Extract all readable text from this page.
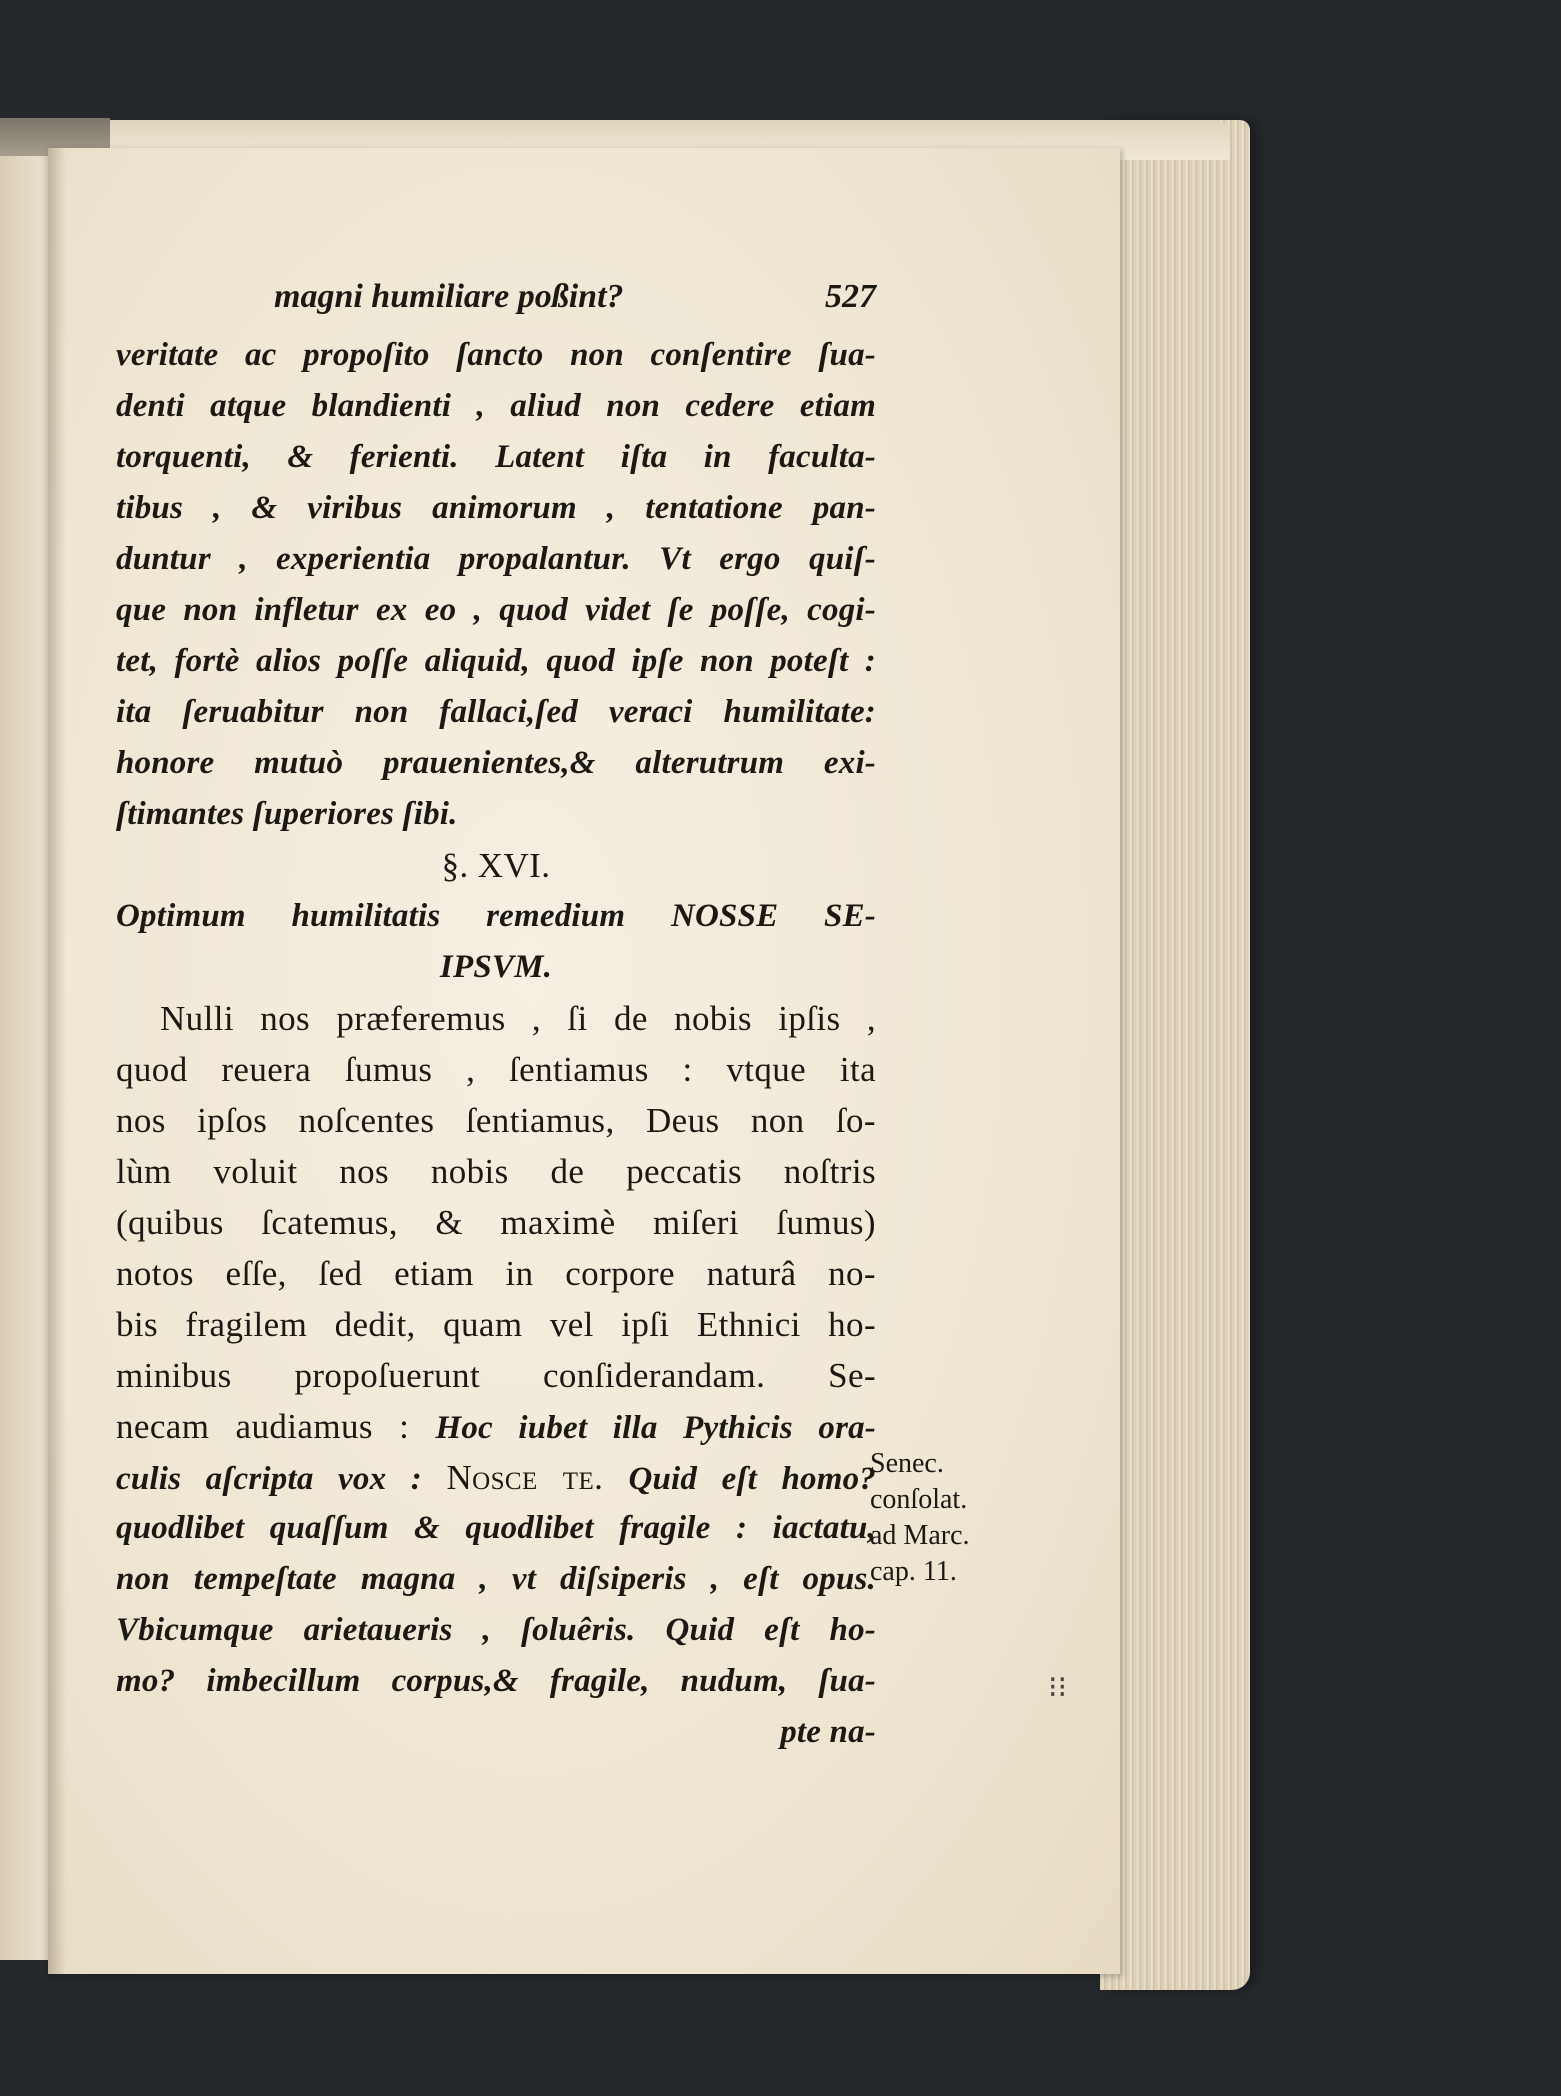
magni humiliare poßint?	527
veritate ac propoſito ſancto non conſentire ſua-
denti atque blandienti , aliud non cedere etiam
torquenti, & ferienti. Latent iſta in faculta-
tibus , & viribus animorum , tentatione pan-
duntur , experientia propalantur. Vt ergo quiſ-
que non infletur ex eo , quod videt ſe poſſe, cogi-
tet, fortè alios poſſe aliquid, quod ipſe non poteſt :
ita ſeruabitur non fallaci,ſed veraci humilitate:
honore mutuò prauenientes,& alterutrum exi-
ſtimantes ſuperiores ſibi.
§. XVI.
Optimum humilitatis remedium NOSSE SE-
IPSVM.
Nulli nos præferemus , ſi de nobis ipſis ,
quod reuera ſumus , ſentiamus : vtque ita
nos ipſos noſcentes ſentiamus, Deus non ſo-
lùm voluit nos nobis de peccatis noſtris
(quibus ſcatemus, & maximè miſeri ſumus)
notos eſſe, ſed etiam in corpore naturâ no-
bis fragilem dedit, quam vel ipſi Ethnici ho-
minibus propoſuerunt conſiderandam. Se-
necam audiamus : Hoc iubet illa Pythicis ora-
culis aſcripta vox : Nosce te. Quid eſt homo?
quodlibet quaſſum & quodlibet fragile : iactatu,
non tempeſtate magna , vt diſsiperis , eſt opus.
Vbicumque arietaueris , ſoluêris. Quid eſt ho-
mo? imbecillum corpus,& fragile, nudum, ſua-
pte na-
Senec.
conſolat.
ad Marc.
cap. 11.
⁝⁝
